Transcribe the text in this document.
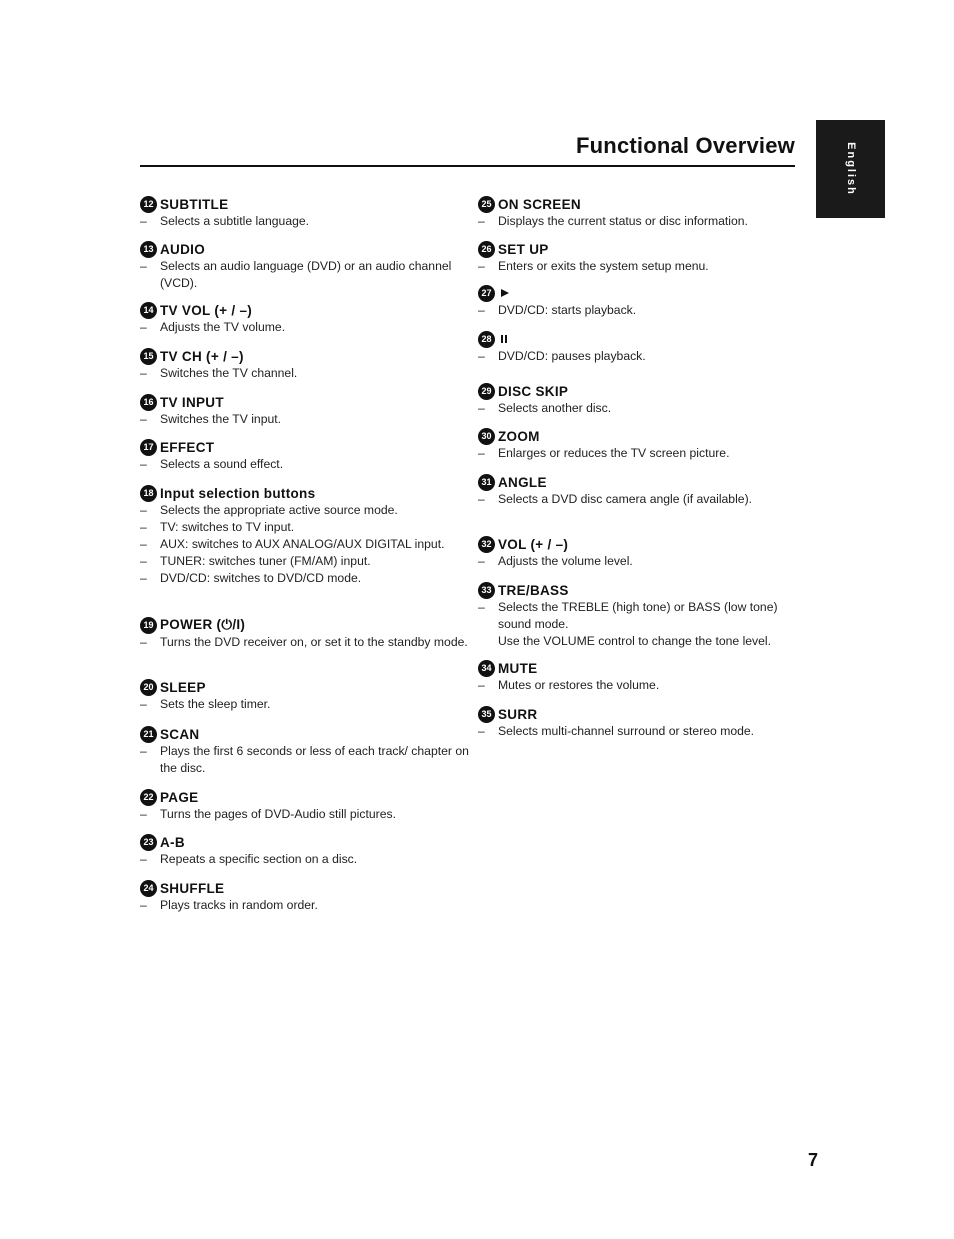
Functional Overview	English
12 SUBTITLE
– Selects a subtitle language.
13 AUDIO
– Selects an audio language (DVD) or an audio channel (VCD).
14 TV VOL (+ / –)
– Adjusts the TV volume.
15 TV CH (+ / –)
– Switches the TV channel.
16 TV INPUT
– Switches the TV input.
17 EFFECT
– Selects a sound effect.
18 Input selection buttons
– Selects the appropriate active source mode.
– TV: switches to TV input.
– AUX: switches to AUX ANALOG/AUX DIGITAL input.
– TUNER: switches tuner (FM/AM) input.
– DVD/CD: switches to DVD/CD mode.
19 POWER (⏻/I)
– Turns the DVD receiver on, or set it to the standby mode.
20 SLEEP
– Sets the sleep timer.
21 SCAN
– Plays the first 6 seconds or less of each track/ chapter on the disc.
22 PAGE
– Turns the pages of DVD-Audio still pictures.
23 A-B
– Repeats a specific section on a disc.
24 SHUFFLE
– Plays tracks in random order.
25 ON SCREEN
– Displays the current status or disc information.
26 SET UP
– Enters or exits the system setup menu.
27
– DVD/CD: starts playback.
28
– DVD/CD: pauses playback.
29 DISC SKIP
– Selects another disc.
30 ZOOM
– Enlarges or reduces the TV screen picture.
31 ANGLE
– Selects a DVD disc camera angle (if available).
32 VOL (+ / –)
– Adjusts the volume level.
33 TRE/BASS
– Selects the TREBLE (high tone) or BASS (low tone) sound mode.
Use the VOLUME control to change the tone level.
34 MUTE
– Mutes or restores the volume.
35 SURR
– Selects multi-channel surround or stereo mode.
7
